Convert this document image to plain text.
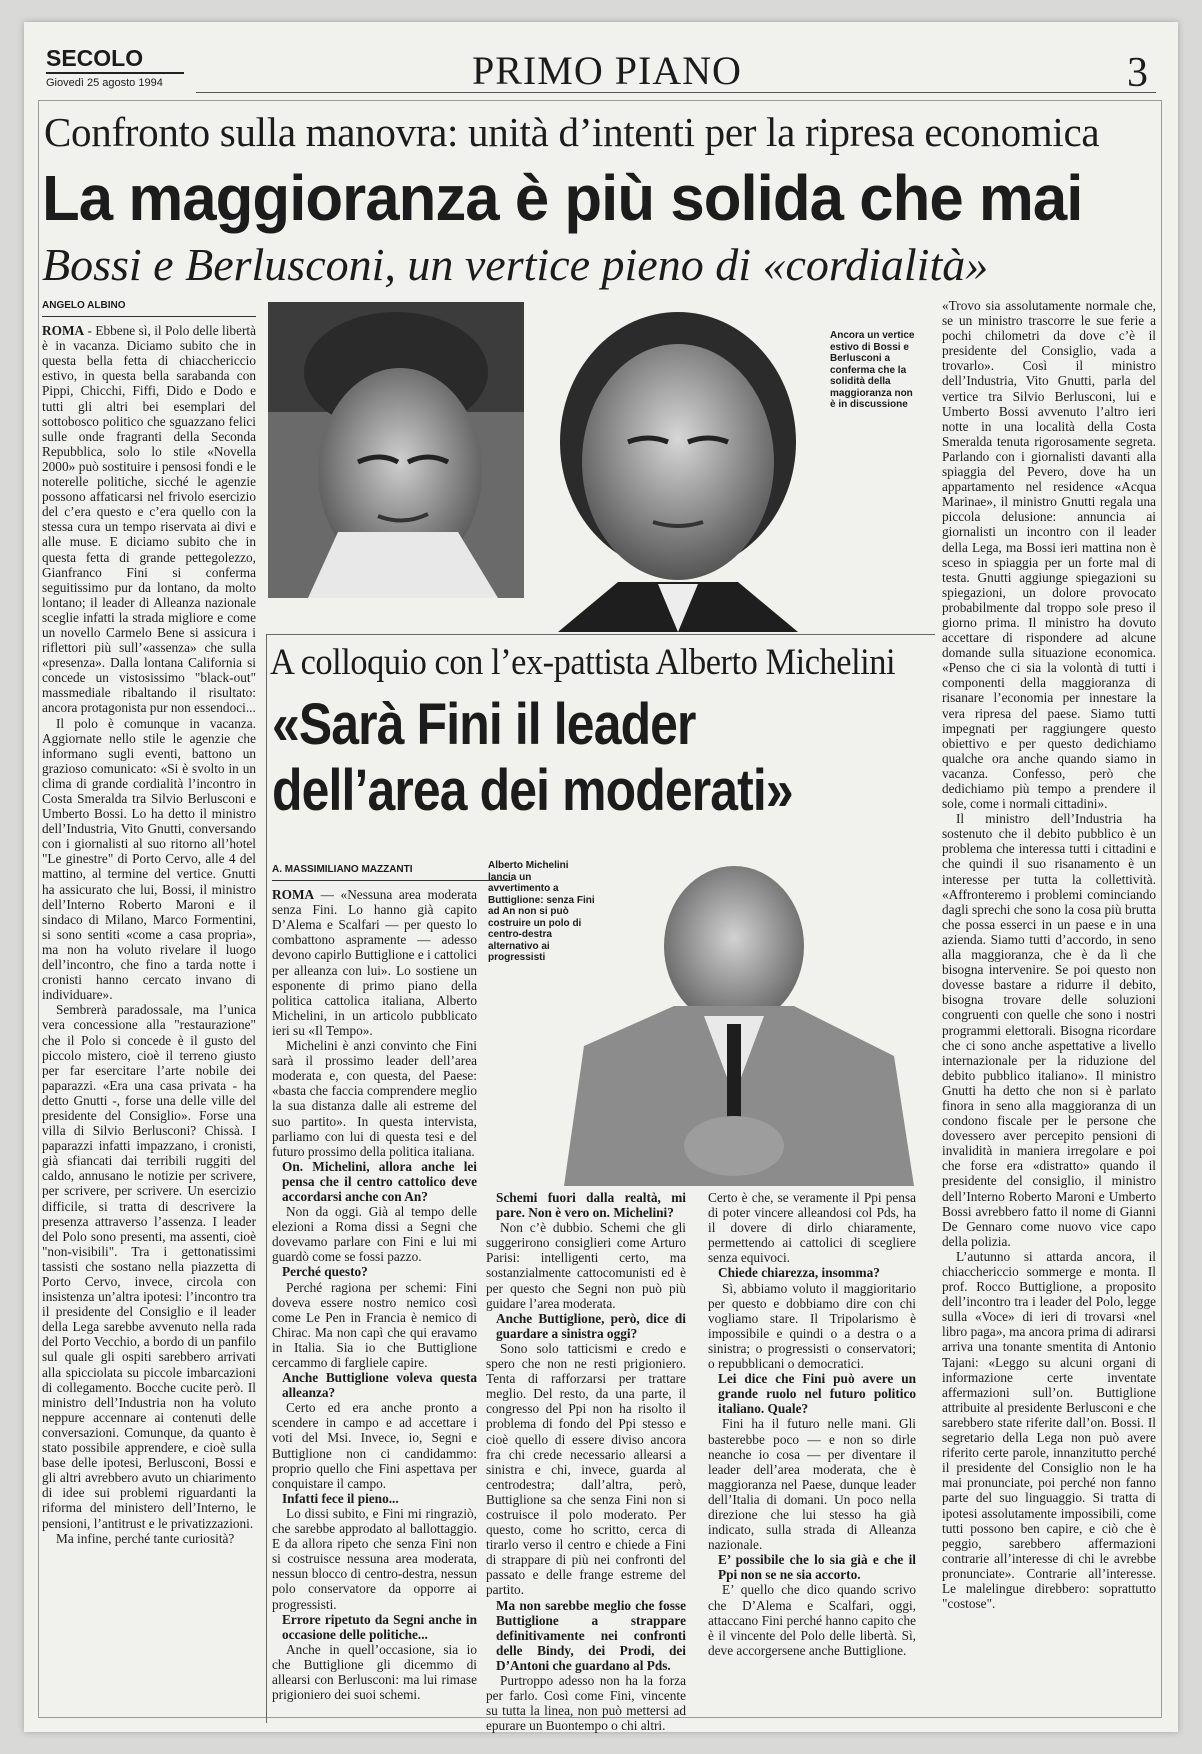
SECOLO
Giovedì 25 agosto 1994	PRIMO PIANO	3
Confronto sulla manovra: unità d’intenti per la ripresa economica
La maggioranza è più solida che mai
Bossi e Berlusconi, un vertice pieno di «cordialità»
ANGELO ALBINO

ROMA - Ebbene sì, il Polo delle libertà è in vacanza. Diciamo subito che in questa bella fetta di chiacchericcio estivo, in questa bella sarabanda con Pippi, Chicchi, Fiffi, Dido e Dodo e tutti gli altri bei esemplari del sottobosco politico che sguazzano felici sulle onde fragranti della Seconda Repubblica, solo lo stile «Novella 2000» può sostituire i pensosi fondi e le noterelle politiche, sicché le agenzie possono affaticarsi nel frivolo esercizio del c’era questo e c’era quello con la stessa cura un tempo riservata ai divi e alle muse. E diciamo subito che in questa fetta di grande pettegolezzo, Gianfranco Fini si conferma seguitissimo pur da lontano, da molto lontano; il leader di Alleanza nazionale sceglie infatti la strada migliore e come un novello Carmelo Bene si assicura i riflettori più sull’«assenza» che sulla «presenza». Dalla lontana California si concede un vistosissimo "black-out" massmediale ribaltando il risultato: ancora protagonista pur non essendoci...

Il polo è comunque in vacanza. Aggiornate nello stile le agenzie che informano sugli eventi, battono un grazioso comunicato: «Si è svolto in un clima di grande cordialità l’incontro in Costa Smeralda tra Silvio Berlusconi e Umberto Bossi. Lo ha detto il ministro dell’Industria, Vito Gnutti, conversando con i giornalisti al suo ritorno all’hotel "Le ginestre" di Porto Cervo, alle 4 del mattino, al termine del vertice. Gnutti ha assicurato che lui, Bossi, il ministro dell’Interno Roberto Maroni e il sindaco di Milano, Marco Formentini, si sono sentiti «come a casa propria», ma non ha voluto rivelare il luogo dell’incontro, che fino a tarda notte i cronisti hanno cercato invano di individuare».

Sembrerà paradossale, ma l’unica vera concessione alla "restaurazione" che il Polo si concede è il gusto del piccolo mistero, cioè il terreno giusto per far esercitare l’arte nobile dei paparazzi. «Era una casa privata - ha detto Gnutti -, forse una delle ville del presidente del Consiglio». Forse una villa di Silvio Berlusconi? Chissà. I paparazzi infatti impazzano, i cronisti, già sfiancati dai terribili ruggiti del caldo, annusano le notizie per scrivere, per scrivere, per scrivere. Un esercizio difficile, si tratta di descrivere la presenza attraverso l’assenza. I leader del Polo sono presenti, ma assenti, cioè "non-visibili". Tra i gettonatissimi tassisti che sostano nella piazzetta di Porto Cervo, invece, circola con insistenza un’altra ipotesi: l’incontro tra il presidente del Consiglio e il leader della Lega sarebbe avvenuto nella rada del Porto Vecchio, a bordo di un panfilo sul quale gli ospiti sarebbero arrivati alla spicciolata su piccole imbarcazioni di collegamento. Bocche cucite però. Il ministro dell’Industria non ha voluto neppure accennare ai contenuti delle conversazioni. Comunque, da quanto è stato possibile apprendere, e cioè sulla base delle ipotesi, Berlusconi, Bossi e gli altri avrebbero avuto un chiarimento di idee sui problemi riguardanti la riforma del ministero dell’Interno, le pensioni, l’antitrust e le privatizzazioni.

Ma infine, perché tante curiosità?

Ancora un vertice estivo di Bossi e Berlusconi a conferma che la solidità della maggioranza non è in discussione

«Trovo sia assolutamente normale che, se un ministro trascorre le sue ferie a pochi chilometri da dove c’è il presidente del Consiglio, vada a trovarlo». Così il ministro dell’Industria, Vito Gnutti, parla del vertice tra Silvio Berlusconi, lui e Umberto Bossi avvenuto l’altro ieri notte in una località della Costa Smeralda tenuta rigorosamente segreta. Parlando con i giornalisti davanti alla spiaggia del Pevero, dove ha un appartamento nel residence «Acqua Marinae», il ministro Gnutti regala una piccola delusione: annuncia ai giornalisti un incontro con il leader della Lega, ma Bossi ieri mattina non è sceso in spiaggia per un forte mal di testa. Gnutti aggiunge spiegazioni su spiegazioni, un dolore provocato probabilmente dal troppo sole preso il giorno prima. Il ministro ha dovuto accettare di rispondere ad alcune domande sulla situazione economica. «Penso che ci sia la volontà di tutti i componenti della maggioranza di risanare l’economia per innestare la vera ripresa del paese. Siamo tutti impegnati per raggiungere questo obiettivo e per questo dedichiamo qualche ora anche quando siamo in vacanza. Confesso, però che dedichiamo più tempo a prendere il sole, come i normali cittadini».

Il ministro dell’Industria ha sostenuto che il debito pubblico è un problema che interessa tutti i cittadini e che quindi il suo risanamento è un interesse per tutta la collettività. «Affronteremo i problemi cominciando dagli sprechi che sono la cosa più brutta che possa esserci in un paese e in una azienda. Siamo tutti d’accordo, in seno alla maggioranza, che è da lì che bisogna intervenire. Se poi questo non dovesse bastare a ridurre il debito, bisogna trovare delle soluzioni congruenti con quelle che sono i nostri programmi elettorali. Bisogna ricordare che ci sono anche aspettative a livello internazionale per la riduzione del debito pubblico italiano». Il ministro Gnutti ha detto che non si è parlato finora in seno alla maggioranza di un condono fiscale per le persone che dovessero aver percepito pensioni di invalidità in maniera irregolare e poi che forse era «distratto» quando il presidente del consiglio, il ministro dell’Interno Roberto Maroni e Umberto Bossi avrebbero fatto il nome di Gianni De Gennaro come nuovo vice capo della polizia.

L’autunno si attarda ancora, il chiacchericcio sommerge e monta. Il prof. Rocco Buttiglione, a proposito dell’incontro tra i leader del Polo, legge sulla «Voce» di ieri di trovarsi «nel libro paga», ma ancora prima di adirarsi arriva una tonante smentita di Antonio Tajani: «Leggo su alcuni organi di informazione certe inventate affermazioni sull’on. Buttiglione attribuite al presidente Berlusconi e che sarebbero state riferite dall’on. Bossi. Il segretario della Lega non può avere riferito certe parole, innanzitutto perché il presidente del Consiglio non le ha mai pronunciate, poi perché non fanno parte del suo linguaggio. Si tratta di ipotesi assolutamente impossibili, come tutti possono ben capire, e ciò che è peggio, sarebbero affermazioni contrarie all’interesse di chi le avrebbe pronunciate». Contrarie all’interesse. Le malelingue direbbero: soprattutto "costose".

A colloquio con l’ex-pattista Alberto Michelini
«Sarà Fini il leader
dell’area dei moderati»
A. MASSIMILIANO MAZZANTI

ROMA — «Nessuna area moderata senza Fini. Lo hanno già capito D’Alema e Scalfari — per questo lo combattono aspramente — adesso devono capirlo Buttiglione e i cattolici per alleanza con lui». Lo sostiene un esponente di primo piano della politica cattolica italiana, Alberto Michelini, in un articolo pubblicato ieri su «Il Tempo».

Michelini è anzi convinto che Fini sarà il prossimo leader dell’area moderata e, con questa, del Paese: «basta che faccia comprendere meglio la sua distanza dalle ali estreme del suo partito». In questa intervista, parliamo con lui di questa tesi e del futuro prossimo della politica italiana.

On. Michelini, allora anche lei pensa che il centro cattolico deve accordarsi anche con An?

Non da oggi. Già al tempo delle elezioni a Roma dissi a Segni che dovevamo parlare con Fini e lui mi guardò come se fossi pazzo.

Perché questo?

Perché ragiona per schemi: Fini doveva essere nostro nemico così come Le Pen in Francia è nemico di Chirac. Ma non capì che qui eravamo in Italia. Sia io che Buttiglione cercammo di fargliele capire.

Anche Buttiglione voleva questa alleanza?

Certo ed era anche pronto a scendere in campo e ad accettare i voti del Msi. Invece, io, Segni e Buttiglione non ci candidammo: proprio quello che Fini aspettava per conquistare il campo.

Infatti fece il pieno...

Lo dissi subito, e Fini mi ringraziò, che sarebbe approdato al ballottaggio. E da allora ripeto che senza Fini non si costruisce nessuna area moderata, nessun blocco di centro-destra, nessun polo conservatore da opporre ai progressisti.

Errore ripetuto da Segni anche in occasione delle politiche...

Anche in quell’occasione, sia io che Buttiglione gli dicemmo di allearsi con Berlusconi: ma lui rimase prigioniero dei suoi schemi.

Alberto Michelini lancia un avvertimento a Buttiglione: senza Fini ad An non si può costruire un polo di centro-destra alternativo ai progressisti

Schemi fuori dalla realtà, mi pare. Non è vero on. Michelini?

Non c’è dubbio. Schemi che gli suggerirono consiglieri come Arturo Parisi: intelligenti certo, ma sostanzialmente cattocomunisti ed è per questo che Segni non può più guidare l’area moderata.

Anche Buttiglione, però, dice di guardare a sinistra oggi?

Sono solo tatticismi e credo e spero che non ne resti prigioniero. Tenta di rafforzarsi per trattare meglio. Del resto, da una parte, il congresso del Ppi non ha risolto il problema di fondo del Ppi stesso e cioè quello di essere diviso ancora fra chi crede necessario allearsi a sinistra e chi, invece, guarda al centrodestra; dall’altra, però, Buttiglione sa che senza Fini non si costruisce il polo moderato. Per questo, come ho scritto, cerca di tirarlo verso il centro e chiede a Fini di strappare di più nei confronti del passato e delle frange estreme del partito.

Ma non sarebbe meglio che fosse Buttiglione a strappare definitivamente nei confronti delle Bindy, dei Prodi, dei D’Antoni che guardano al Pds.

Purtroppo adesso non ha la forza per farlo. Così come Fini, vincente su tutta la linea, non può mettersi ad epurare un Buontempo o chi altri.

Certo è che, se veramente il Ppi pensa di poter vincere alleandosi col Pds, ha il dovere di dirlo chiaramente, permettendo ai cattolici di scegliere senza equivoci.

Chiede chiarezza, insomma?

Sì, abbiamo voluto il maggioritario per questo e dobbiamo dire con chi vogliamo stare. Il Tripolarismo è impossibile e quindi o a destra o a sinistra; o progressisti o conservatori; o repubblicani o democratici.

Lei dice che Fini può avere un grande ruolo nel futuro politico italiano. Quale?

Fini ha il futuro nelle mani. Gli basterebbe poco — e non so dirle neanche io cosa — per diventare il leader dell’area moderata, che è maggioranza nel Paese, dunque leader dell’Italia di domani. Un poco nella direzione che lui stesso ha già indicato, sulla strada di Alleanza nazionale.

E’ possibile che lo sia già e che il Ppi non se ne sia accorto.

E’ quello che dico quando scrivo che D’Alema e Scalfari, oggi, attaccano Fini perché hanno capito che è il vincente del Polo delle libertà. Sì, deve accorgersene anche Buttiglione.
